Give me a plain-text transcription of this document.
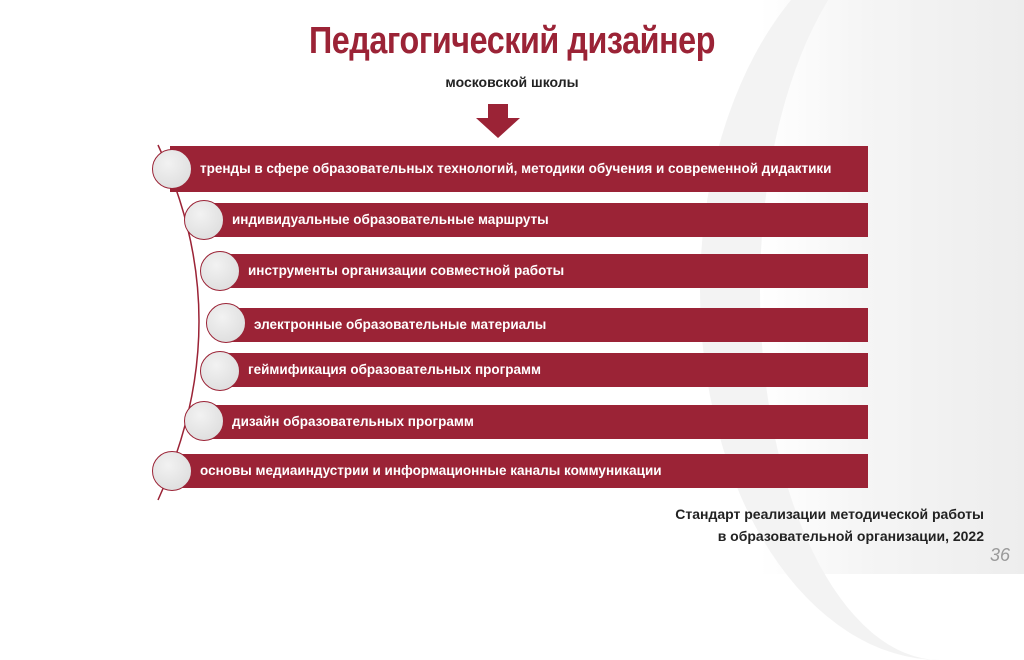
Педагогический дизайнер
московской школы
тренды в сфере образовательных технологий, методики обучения и современной дидактики
индивидуальные образовательные маршруты
инструменты организации совместной работы
электронные образовательные материалы
геймификация образовательных программ
дизайн образовательных программ
основы медиаиндустрии и информационные каналы коммуникации
Стандарт реализации методической работы
в образовательной организации, 2022
36
